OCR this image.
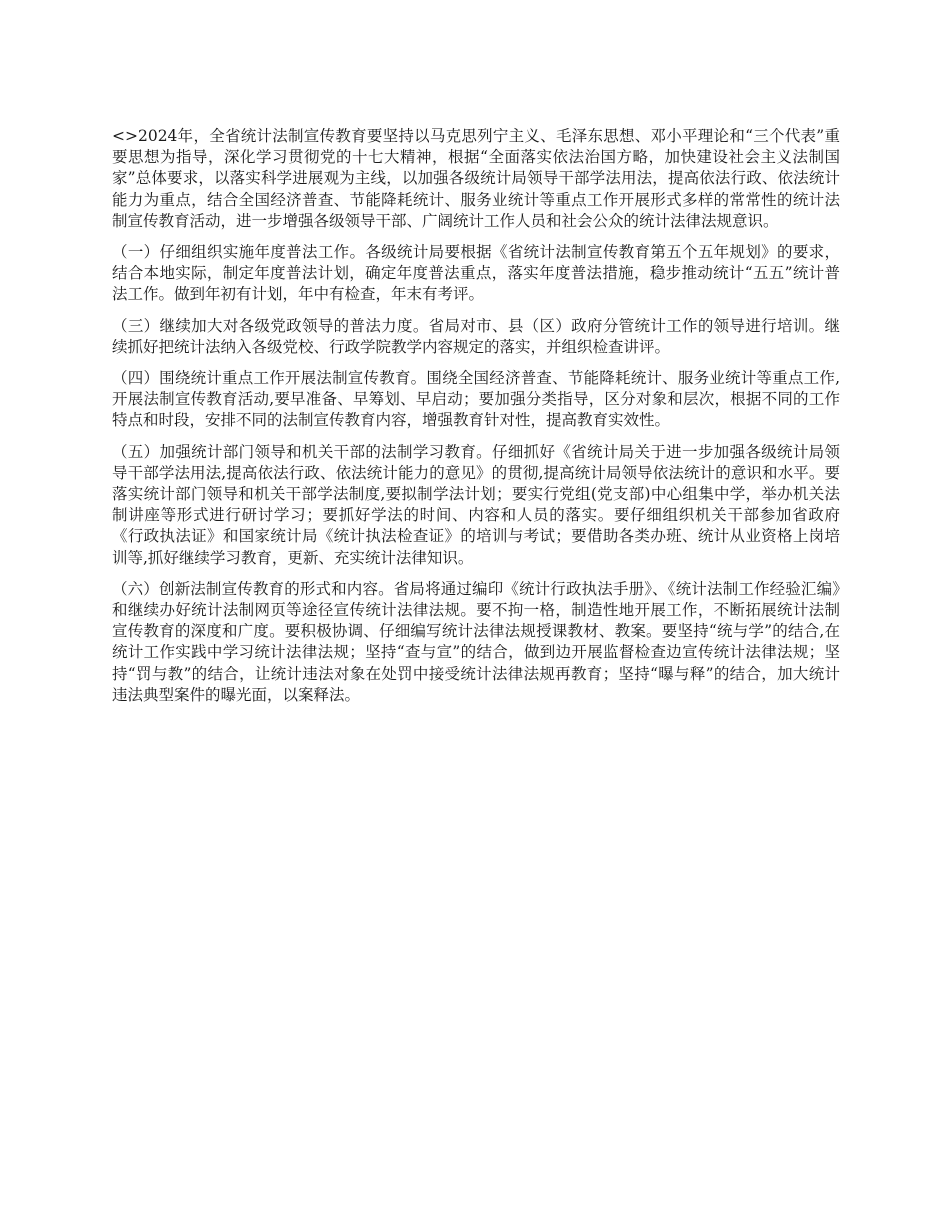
<>2024年，全省统计法制宣传教育要坚持以马克思列宁主义、毛泽东思想、邓小平理论和“三个代表”重要思想为指导，深化学习贯彻党的十七大精神，根据“全面落实依法治国方略，加快建设社会主义法制国家”总体要求，以落实科学进展观为主线，以加强各级统计局领导干部学法用法，提高依法行政、依法统计能力为重点，结合全国经济普查、节能降耗统计、服务业统计等重点工作开展形式多样的常常性的统计法制宣传教育活动，进一步增强各级领导干部、广阔统计工作人员和社会公众的统计法律法规意识。

（一）仔细组织实施年度普法工作。各级统计局要根据《省统计法制宣传教育第五个五年规划》的要求，结合本地实际，制定年度普法计划，确定年度普法重点，落实年度普法措施，稳步推动统计“五五”统计普法工作。做到年初有计划，年中有检查，年末有考评。

（三）继续加大对各级党政领导的普法力度。省局对市、县（区）政府分管统计工作的领导进行培训。继续抓好把统计法纳入各级党校、行政学院教学内容规定的落实，并组织检查讲评。

（四）围绕统计重点工作开展法制宣传教育。围绕全国经济普查、节能降耗统计、服务业统计等重点工作,开展法制宣传教育活动,要早准备、早筹划、早启动；要加强分类指导，区分对象和层次，根据不同的工作特点和时段，安排不同的法制宣传教育内容，增强教育针对性，提高教育实效性。

（五）加强统计部门领导和机关干部的法制学习教育。仔细抓好《省统计局关于进一步加强各级统计局领导干部学法用法,提高依法行政、依法统计能力的意见》的贯彻,提高统计局领导依法统计的意识和水平。要落实统计部门领导和机关干部学法制度,要拟制学法计划；要实行党组(党支部)中心组集中学，举办机关法制讲座等形式进行研讨学习；要抓好学法的时间、内容和人员的落实。要仔细组织机关干部参加省政府《行政执法证》和国家统计局《统计执法检查证》的培训与考试；要借助各类办班、统计从业资格上岗培训等,抓好继续学习教育，更新、充实统计法律知识。

（六）创新法制宣传教育的形式和内容。省局将通过编印《统计行政执法手册》、《统计法制工作经验汇编》和继续办好统计法制网页等途径宣传统计法律法规。要不拘一格，制造性地开展工作，不断拓展统计法制宣传教育的深度和广度。要积极协调、仔细编写统计法律法规授课教材、教案。要坚持“统与学”的结合,在统计工作实践中学习统计法律法规；坚持“查与宣”的结合，做到边开展监督检查边宣传统计法律法规；坚持“罚与教”的结合，让统计违法对象在处罚中接受统计法律法规再教育；坚持“曝与释”的结合，加大统计违法典型案件的曝光面，以案释法。
